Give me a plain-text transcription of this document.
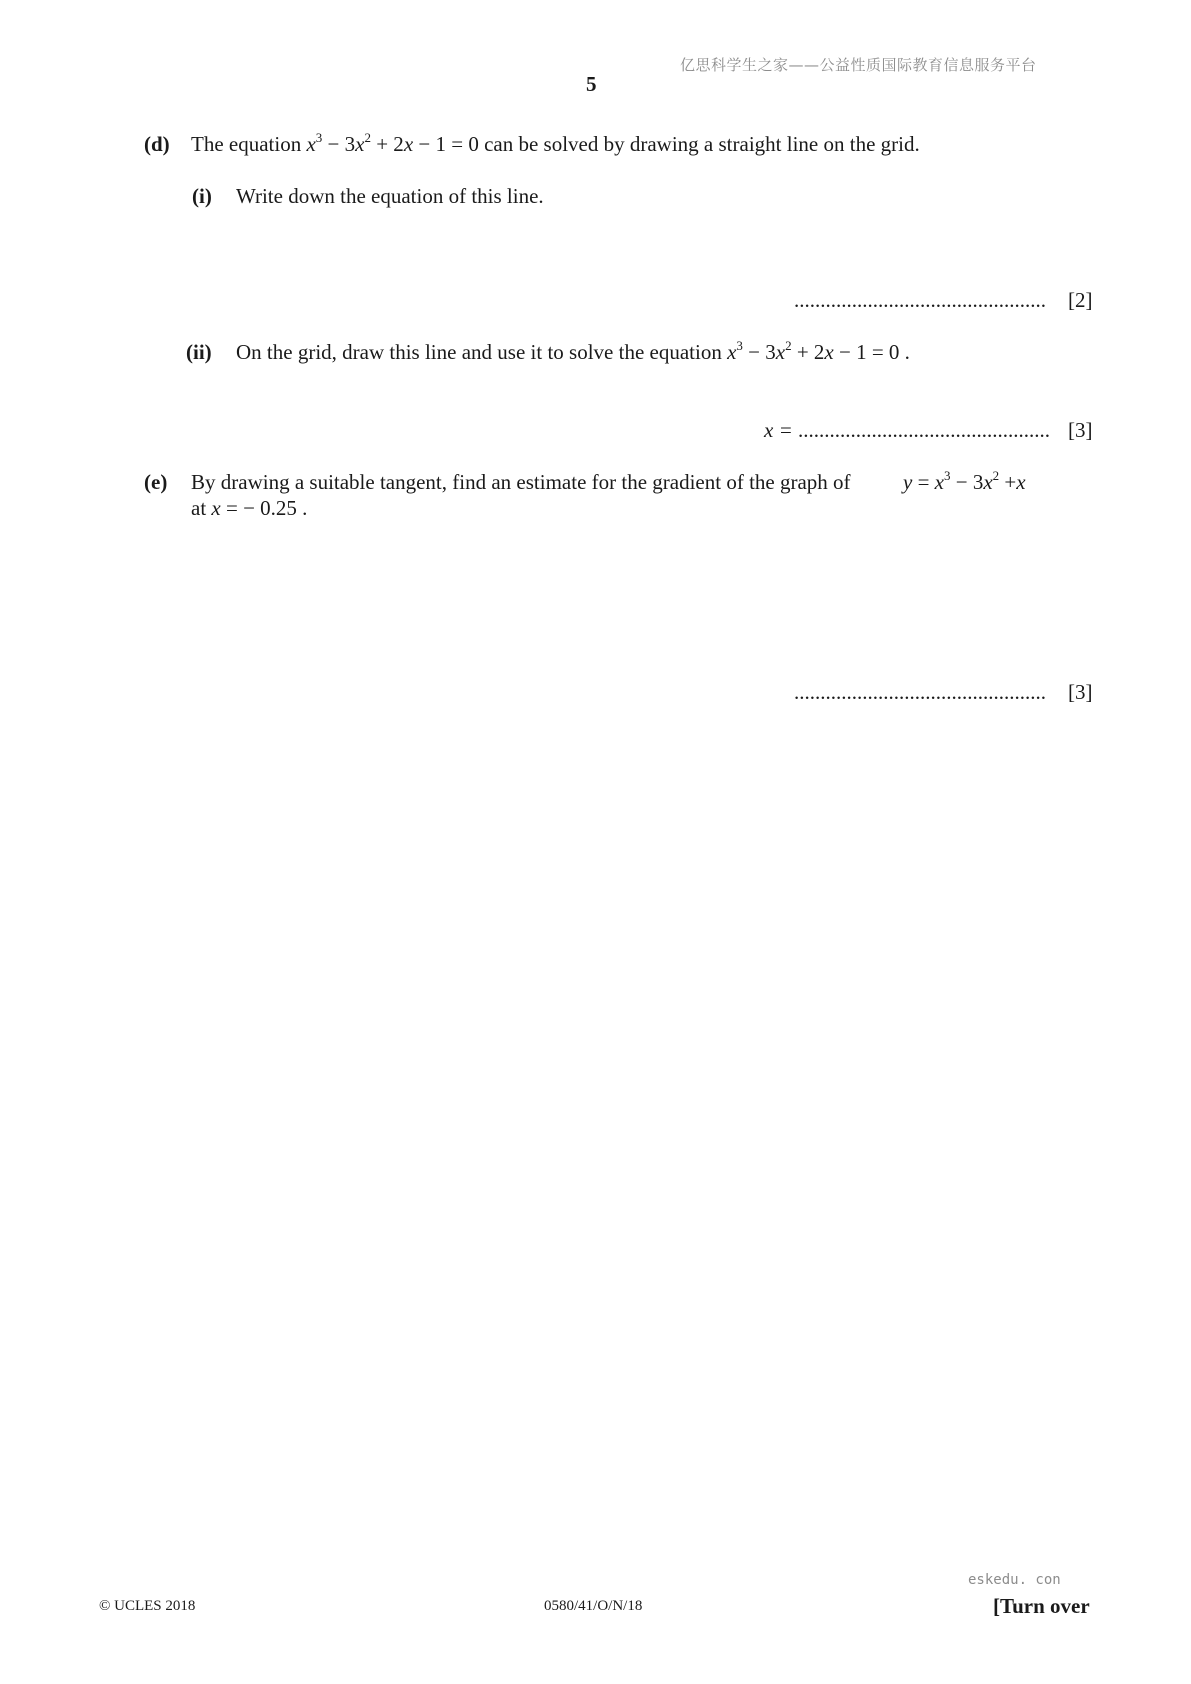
亿思科学生之家——公益性质国际教育信息服务平台
5
(d) The equation $x^3 - 3x^2 + 2x - 1 = 0$ can be solved by drawing a straight line on the grid.
(i) Write down the equation of this line.
................................................ [2]
(ii) On the grid, draw this line and use it to solve the equation $x^3 - 3x^2 + 2x - 1 = 0$ .
x = ................................................ [3]
(e) By drawing a suitable tangent, find an estimate for the gradient of the graph of $y = x^3 - 3x^2 +x$
at x = − 0.25 .
................................................ [3]
eskedu. con
© UCLES 2018	0580/41/O/N/18	[Turn over
